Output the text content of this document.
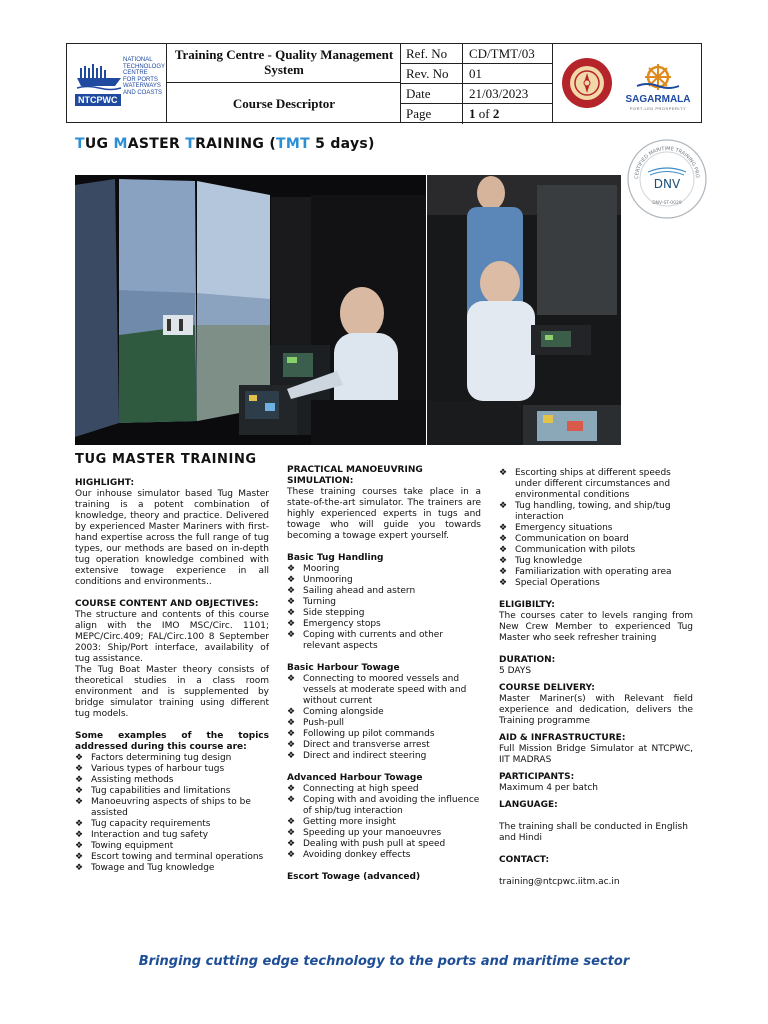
NTCPWC
NATIONAL
TECHNOLOGY
CENTRE
FOR PORTS
WATERWAYS
AND COASTS
Training Centre - Quality Management System
Course Descriptor
Ref. No	CD/TMT/03
Rev. No	01
Date	21/03/2023
Page	1 of 2
SAGARMALA
PORT-LED PROSPERITY
TUG MASTER TRAINING (TMT 5 days)
CERTIFIED MARITIME TRAINING PRO
DNV
DNV-ST-0029
TUG MASTER TRAINING
HIGHLIGHT:

Our inhouse simulator based Tug Master training is a potent combination of knowledge, theory and practice. Delivered by experienced Master Mariners with first-hand expertise across the full range of tug types, our methods are based on in-depth tug operation knowledge combined with extensive towage experience in all conditions and environments..

COURSE CONTENT AND OBJECTIVES:

The structure and contents of this course align with the IMO MSC/Circ. 1101; MEPC/Circ.409; FAL/Circ.100 8 September 2003: Ship/Port interface, availability of tug assistance.

The Tug Boat Master theory consists of theoretical studies in a class room environment and is supplemented by bridge simulator training using different tug models.

Some examples of the topics addressed during this course are:

❖ Factors determining tug design
❖ Various types of harbour tugs
❖ Assisting methods
❖ Tug capabilities and limitations
❖ Manoeuvring aspects of ships to be assisted
❖ Tug capacity requirements
❖ Interaction and tug safety
❖ Towing equipment
❖ Escort towing and terminal operations
❖ Towage and Tug knowledge
PRACTICAL MANOEUVRING SIMULATION:

These training courses take place in a state-of-the-art simulator. The trainers are highly experienced experts in tugs and towage who will guide you towards becoming a towage expert yourself.

Basic Tug Handling
❖ Mooring
❖ Unmooring
❖ Sailing ahead and astern
❖ Turning
❖ Side stepping
❖ Emergency stops
❖ Coping with currents and other relevant aspects
Basic Harbour Towage
❖ Connecting to moored vessels and vessels at moderate speed with and without current
❖ Coming alongside
❖ Push-pull
❖ Following up pilot commands
❖ Direct and transverse arrest
❖ Direct and indirect steering
Advanced Harbour Towage
❖ Connecting at high speed
❖ Coping with and avoiding the influence of ship/tug interaction
❖ Getting more insight
❖ Speeding up your manoeuvres
❖ Dealing with push pull at speed
❖ Avoiding donkey effects
Escort Towage (advanced)
❖ Escorting ships at different speeds under different circumstances and environmental conditions
❖ Tug handling, towing, and ship/tug interaction
❖ Emergency situations
❖ Communication on board
❖ Communication with pilots
❖ Tug knowledge
❖ Familiarization with operating area
❖ Special Operations
ELIGIBILTY:

The courses cater to levels ranging from New Crew Member to experienced Tug Master who seek refresher training

DURATION:

5 DAYS

COURSE DELIVERY:

Master Mariner(s) with Relevant field experience and dedication, delivers the Training programme

AID & INFRASTRUCTURE:

Full Mission Bridge Simulator at NTCPWC, IIT MADRAS

PARTICIPANTS:

Maximum 4 per batch

LANGUAGE:

The training shall be conducted in English and Hindi

CONTACT:

training@ntcpwc.iitm.ac.in

Bringing cutting edge technology to the ports and maritime sector
